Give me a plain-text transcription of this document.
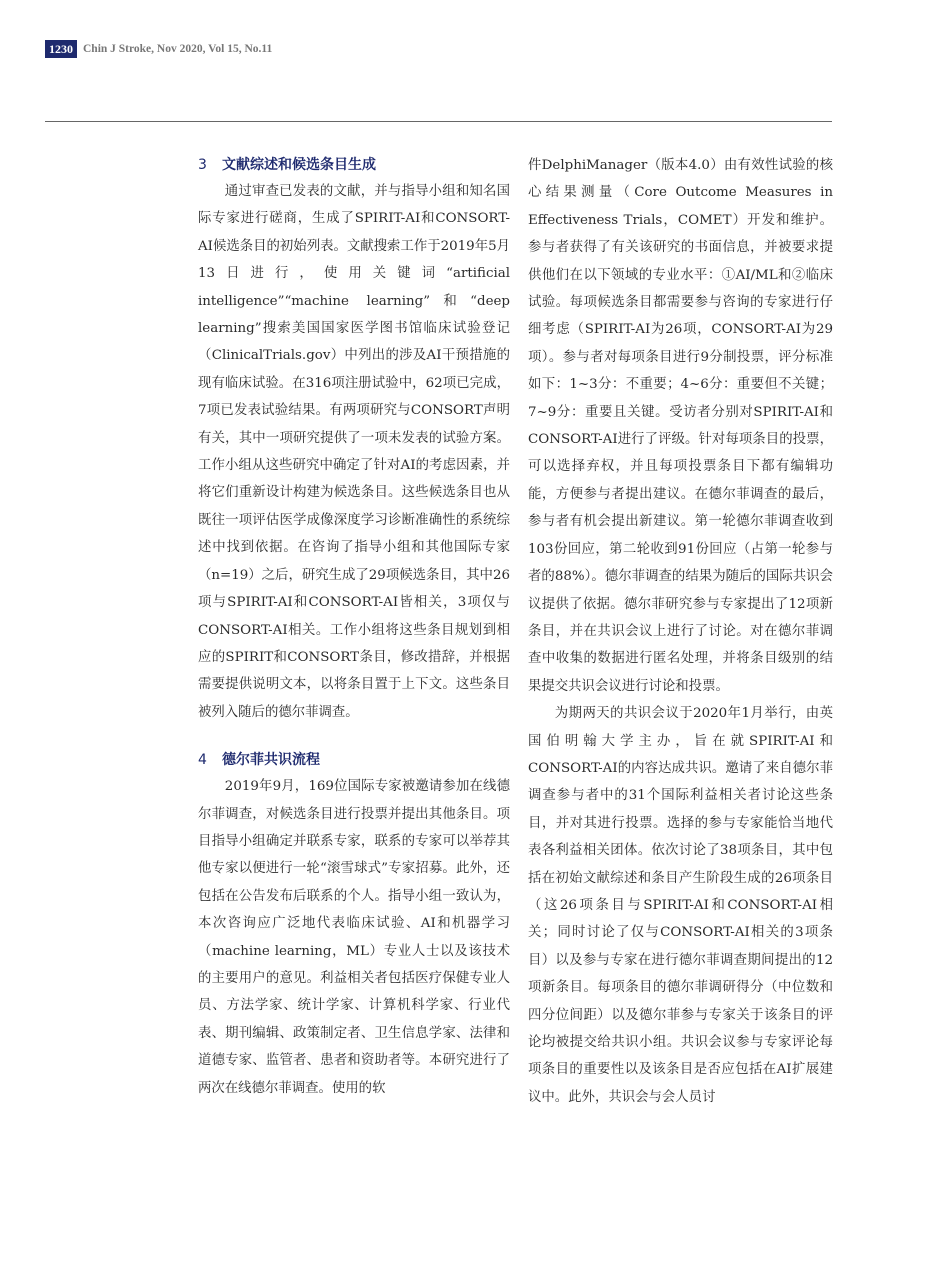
1230 Chin J Stroke, Nov 2020, Vol 15, No.11
3 文献综述和候选条目生成

通过审查已发表的文献，并与指导小组和知名国际专家进行磋商，生成了SPIRIT-AI和CONSORT-AI候选条目的初始列表。文献搜索工作于2019年5月13日进行，使用关键词“artificial intelligence”“machine learning”和“deep learning”搜索美国国家医学图书馆临床试验登记（ClinicalTrials.gov）中列出的涉及AI干预措施的现有临床试验。在316项注册试验中，62项已完成，7项已发表试验结果。有两项研究与CONSORT声明有关，其中一项研究提供了一项未发表的试验方案。工作小组从这些研究中确定了针对AI的考虑因素，并将它们重新设计构建为候选条目。这些候选条目也从既往一项评估医学成像深度学习诊断准确性的系统综述中找到依据。在咨询了指导小组和其他国际专家（n=19）之后，研究生成了29项候选条目，其中26项与SPIRIT-AI和CONSORT-AI皆相关，3项仅与CONSORT-AI相关。工作小组将这些条目规划到相应的SPIRIT和CONSORT条目，修改措辞，并根据需要提供说明文本，以将条目置于上下文。这些条目被列入随后的德尔菲调查。

4 德尔菲共识流程

2019年9月，169位国际专家被邀请参加在线德尔菲调查，对候选条目进行投票并提出其他条目。项目指导小组确定并联系专家，联系的专家可以举荐其他专家以便进行一轮“滚雪球式”专家招募。此外，还包括在公告发布后联系的个人。指导小组一致认为，本次咨询应广泛地代表临床试验、AI和机器学习（machine learning，ML）专业人士以及该技术的主要用户的意见。利益相关者包括医疗保健专业人员、方法学家、统计学家、计算机科学家、行业代表、期刊编辑、政策制定者、卫生信息学家、法律和道德专家、监管者、患者和资助者等。本研究进行了两次在线德尔菲调查。使用的软

件DelphiManager（版本4.0）由有效性试验的核心结果测量（Core Outcome Measures in Effectiveness Trials，COMET）开发和维护。参与者获得了有关该研究的书面信息，并被要求提供他们在以下领域的专业水平：①AI/ML和②临床试验。每项候选条目都需要参与咨询的专家进行仔细考虑（SPIRIT-AI为26项，CONSORT-AI为29项）。参与者对每项条目进行9分制投票，评分标准如下：1~3分：不重要；4~6分：重要但不关键；7~9分：重要且关键。受访者分别对SPIRIT-AI和CONSORT-AI进行了评级。针对每项条目的投票，可以选择弃权，并且每项投票条目下都有编辑功能，方便参与者提出建议。在德尔菲调查的最后，参与者有机会提出新建议。第一轮德尔菲调查收到103份回应，第二轮收到91份回应（占第一轮参与者的88%）。德尔菲调查的结果为随后的国际共识会议提供了依据。德尔菲研究参与专家提出了12项新条目，并在共识会议上进行了讨论。对在德尔菲调查中收集的数据进行匿名处理，并将条目级别的结果提交共识会议进行讨论和投票。

为期两天的共识会议于2020年1月举行，由英国伯明翰大学主办，旨在就SPIRIT-AI和CONSORT-AI的内容达成共识。邀请了来自德尔菲调查参与者中的31个国际利益相关者讨论这些条目，并对其进行投票。选择的参与专家能恰当地代表各利益相关团体。依次讨论了38项条目，其中包括在初始文献综述和条目产生阶段生成的26项条目（这26项条目与SPIRIT-AI和CONSORT-AI相关；同时讨论了仅与CONSORT-AI相关的3项条目）以及参与专家在进行德尔菲调查期间提出的12项新条目。每项条目的德尔菲调研得分（中位数和四分位间距）以及德尔菲参与专家关于该条目的评论均被提交给共识小组。共识会议参与专家评论每项条目的重要性以及该条目是否应包括在AI扩展建议中。此外，共识会与会人员讨
